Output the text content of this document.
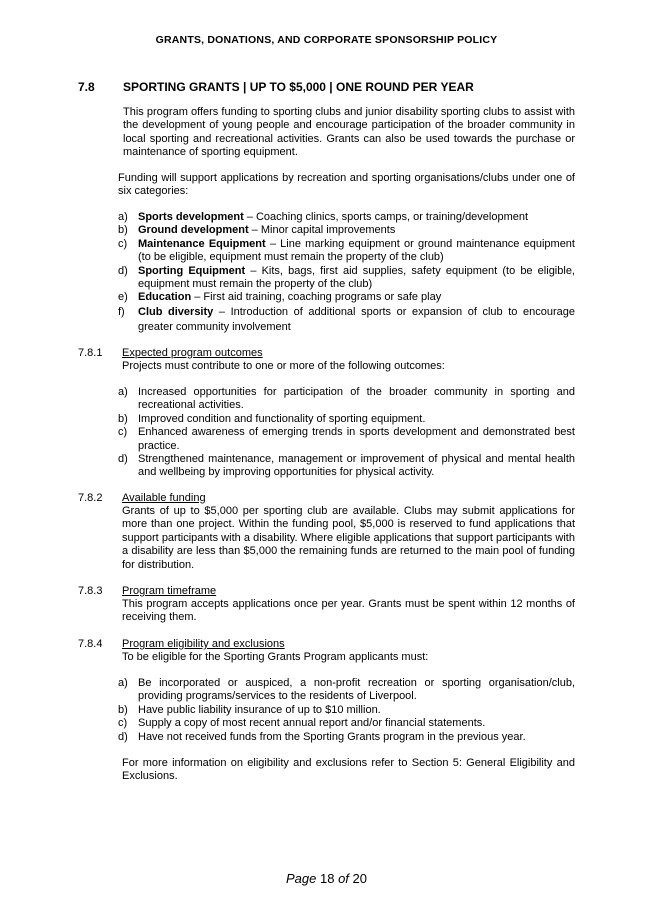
GRANTS, DONATIONS, AND CORPORATE SPONSORSHIP POLICY
7.8 SPORTING GRANTS | UP TO $5,000 | ONE ROUND PER YEAR
This program offers funding to sporting clubs and junior disability sporting clubs to assist with the development of young people and encourage participation of the broader community in local sporting and recreational activities. Grants can also be used towards the purchase or maintenance of sporting equipment.
Funding will support applications by recreation and sporting organisations/clubs under one of six categories:
a) Sports development – Coaching clinics, sports camps, or training/development
b) Ground development – Minor capital improvements
c) Maintenance Equipment – Line marking equipment or ground maintenance equipment (to be eligible, equipment must remain the property of the club)
d) Sporting Equipment – Kits, bags, first aid supplies, safety equipment (to be eligible, equipment must remain the property of the club)
e) Education – First aid training, coaching programs or safe play
f) Club diversity – Introduction of additional sports or expansion of club to encourage greater community involvement
7.8.1 Expected program outcomes
Projects must contribute to one or more of the following outcomes:
a) Increased opportunities for participation of the broader community in sporting and recreational activities.
b) Improved condition and functionality of sporting equipment.
c) Enhanced awareness of emerging trends in sports development and demonstrated best practice.
d) Strengthened maintenance, management or improvement of physical and mental health and wellbeing by improving opportunities for physical activity.
7.8.2 Available funding
Grants of up to $5,000 per sporting club are available. Clubs may submit applications for more than one project. Within the funding pool, $5,000 is reserved to fund applications that support participants with a disability. Where eligible applications that support participants with a disability are less than $5,000 the remaining funds are returned to the main pool of funding for distribution.
7.8.3 Program timeframe
This program accepts applications once per year. Grants must be spent within 12 months of receiving them.
7.8.4 Program eligibility and exclusions
To be eligible for the Sporting Grants Program applicants must:
a) Be incorporated or auspiced, a non-profit recreation or sporting organisation/club, providing programs/services to the residents of Liverpool.
b) Have public liability insurance of up to $10 million.
c) Supply a copy of most recent annual report and/or financial statements.
d) Have not received funds from the Sporting Grants program in the previous year.
For more information on eligibility and exclusions refer to Section 5: General Eligibility and Exclusions.
Page 18 of 20
